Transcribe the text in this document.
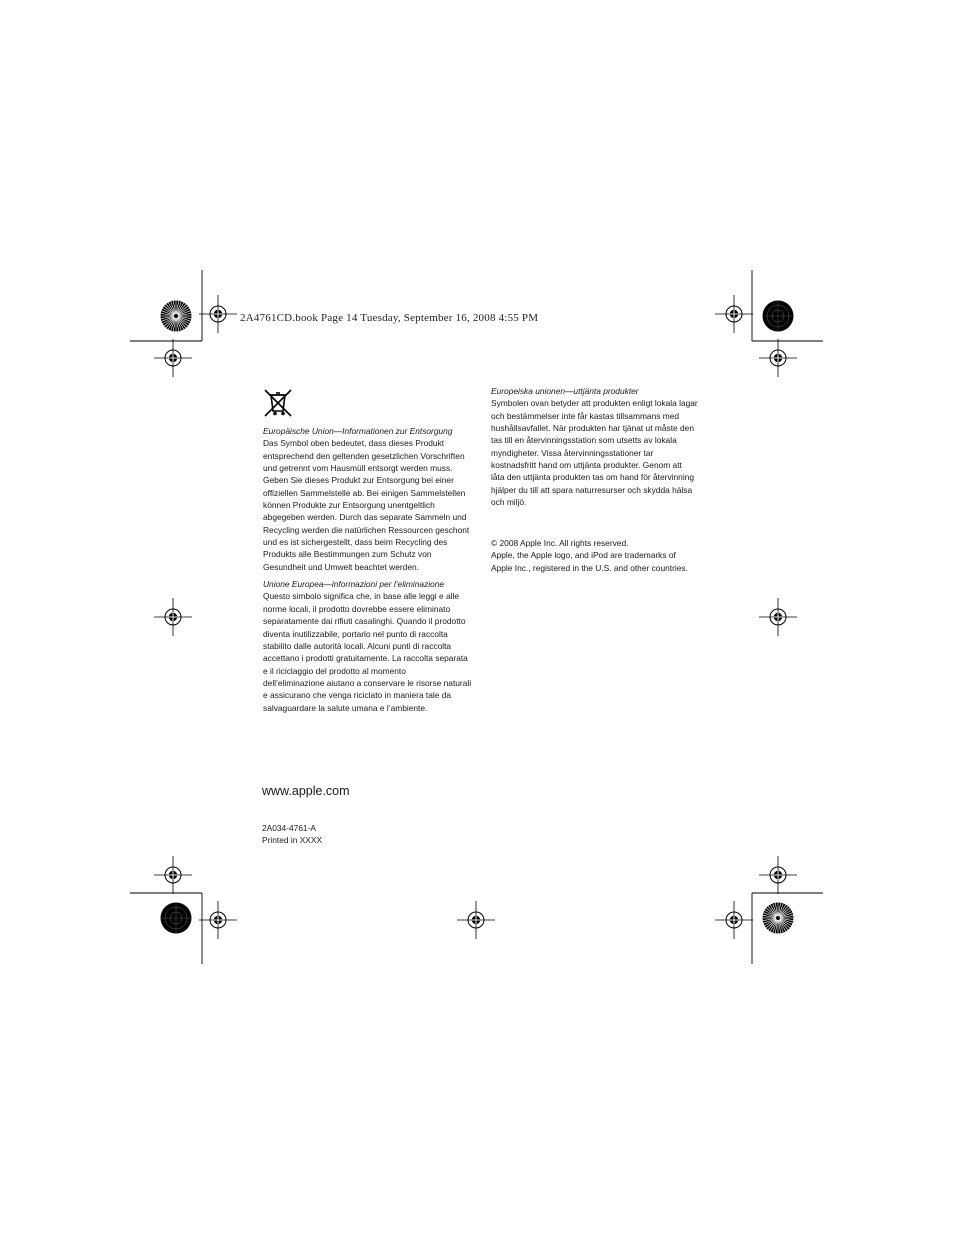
2A4761CD.book Page 14 Tuesday, September 16, 2008 4:55 PM
Europäische Union—Informationen zur Entsorgung
Das Symbol oben bedeutet, dass dieses Produkt
entsprechend den geltenden gesetzlichen Vorschriften
und getrennt vom Hausmüll entsorgt werden muss.
Geben Sie dieses Produkt zur Entsorgung bei einer
offiziellen Sammelstelle ab. Bei einigen Sammelstellen
können Produkte zur Entsorgung unentgeltlich
abgegeben werden. Durch das separate Sammeln und
Recycling werden die natürlichen Ressourcen geschont
und es ist sichergestellt, dass beim Recycling des
Produkts alle Bestimmungen zum Schutz von
Gesundheit und Umwelt beachtet werden.
Unione Europea—informazioni per l’eliminazione
Questo simbolo significa che, in base alle leggi e alle
norme locali, il prodotto dovrebbe essere eliminato
separatamente dai rifiuti casalinghi. Quando il prodotto
diventa inutilizzabile, portarlo nel punto di raccolta
stabilito dalle autorità locali. Alcuni punti di raccolta
accettano i prodotti gratuitamente. La raccolta separata
e il riciclaggio del prodotto al momento
dell’eliminazione aiutano a conservare le risorse naturali
e assicurano che venga riciclato in maniera tale da
salvaguardare la salute umana e l’ambiente.
Europeiska unionen—uttjänta produkter
Symbolen ovan betyder att produkten enligt lokala lagar
och bestämmelser inte får kastas tillsammans med
hushållsavfallet. När produkten har tjänat ut måste den
tas till en återvinningsstation som utsetts av lokala
myndigheter. Vissa återvinningsstationer tar
kostnadsfritt hand om uttjänta produkter. Genom att
låta den uttjänta produkten tas om hand för återvinning
hjälper du till att spara naturresurser och skydda hälsa
och miljö.
© 2008 Apple Inc. All rights reserved.
Apple, the Apple logo, and iPod are trademarks of
Apple Inc., registered in the U.S. and other countries.
www.apple.com
2A034-4761-A
Printed in XXXX
